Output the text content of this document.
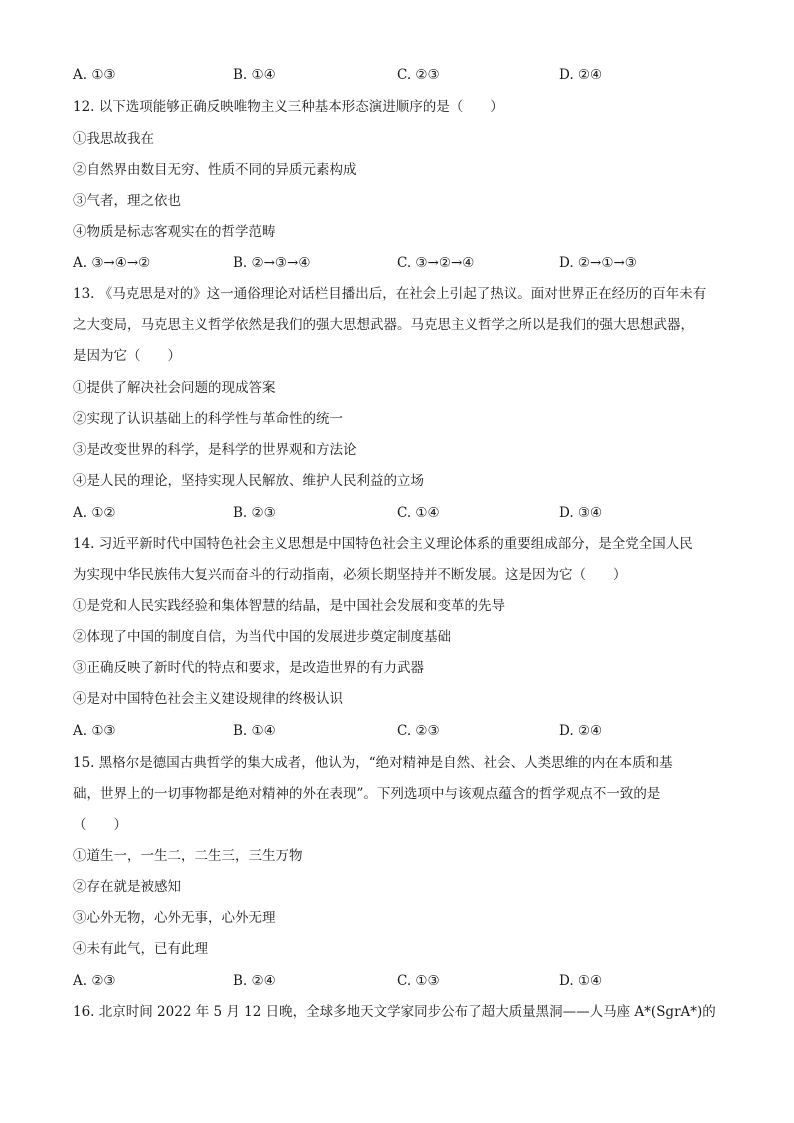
A. ①③	B. ①④	C. ②③	D. ②④
12. 以下选项能够正确反映唯物主义三种基本形态演进顺序的是（　　）
①我思故我在
②自然界由数目无穷、性质不同的异质元素构成
③气者，理之依也
④物质是标志客观实在的哲学范畴
A. ③→④→②	B. ②→③→④	C. ③→②→④	D. ②→①→③
13. 《马克思是对的》这一通俗理论对话栏目播出后，在社会上引起了热议。面对世界正在经历的百年未有
之大变局，马克思主义哲学依然是我们的强大思想武器。马克思主义哲学之所以是我们的强大思想武器，
是因为它（　　）
①提供了解决社会问题的现成答案
②实现了认识基础上的科学性与革命性的统一
③是改变世界的科学，是科学的世界观和方法论
④是人民的理论，坚持实现人民解放、维护人民利益的立场
A. ①②	B. ②③	C. ①④	D. ③④
14. 习近平新时代中国特色社会主义思想是中国特色社会主义理论体系的重要组成部分，是全党全国人民
为实现中华民族伟大复兴而奋斗的行动指南，必须长期坚持并不断发展。这是因为它（　　）
①是党和人民实践经验和集体智慧的结晶，是中国社会发展和变革的先导
②体现了中国的制度自信，为当代中国的发展进步奠定制度基础
③正确反映了新时代的特点和要求，是改造世界的有力武器
④是对中国特色社会主义建设规律的终极认识
A. ①③	B. ①④	C. ②③	D. ②④
15. 黑格尔是德国古典哲学的集大成者，他认为，“绝对精神是自然、社会、人类思维的内在本质和基
础，世界上的一切事物都是绝对精神的外在表现”。下列选项中与该观点蕴含的哲学观点不一致的是
（　　）
①道生一，一生二，二生三，三生万物
②存在就是被感知
③心外无物，心外无事，心外无理
④未有此气，已有此理
A. ②③	B. ②④	C. ①③	D. ①④
16. 北京时间 2022 年 5 月 12 日晚，全球多地天文学家同步公布了超大质量黑洞——人马座 A*(SgrA*)的
